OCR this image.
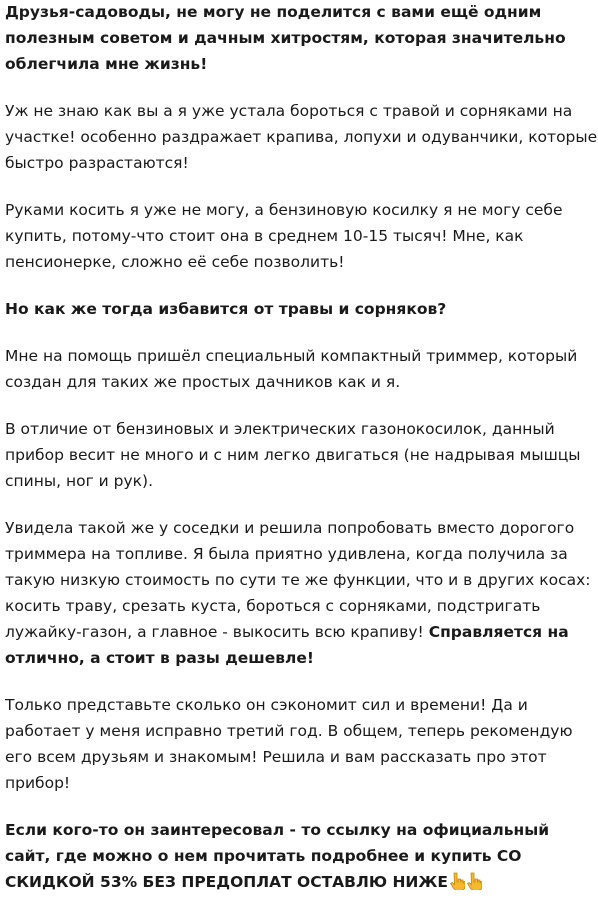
Друзья-садоводы, не могу не поделится с вами ещё одним полезным советом и дачным хитростям, которая значительно облегчила мне жизнь!

Уж не знаю как вы а я уже устала бороться с травой и сорняками на участке! особенно раздражает крапива, лопухи и одуванчики, которые быстро разрастаются!

Руками косить я уже не могу, а бензиновую косилку я не могу себе купить, потому-что стоит она в среднем 10-15 тысяч! Мне, как пенсионерке, сложно её себе позволить!

Но как же тогда избавится от травы и сорняков?

Мне на помощь пришёл специальный компактный триммер, который создан для таких же простых дачников как и я.

В отличие от бензиновых и электрических газонокосилок, данный прибор весит не много и с ним легко двигаться (не надрывая мышцы спины, ног и рук).

Увидела такой же у соседки и решила попробовать вместо дорогого триммера на топливе. Я была приятно удивлена, когда получила за такую низкую стоимость по сути те же функции, что и в других косах: косить траву, срезать куста, бороться с сорняками, подстригать лужайку-газон, а главное - выкосить всю крапиву! Справляется на отлично, а стоит в разы дешевле!

Только представьте сколько он сэкономит сил и времени! Да и работает у меня исправно третий год. В общем, теперь рекомендую его всем друзьям и знакомым! Решила и вам рассказать про этот прибор!

Если кого-то он заинтересовал - то ссылку на официальный сайт, где можно о нем прочитать подробнее и купить СО СКИДКОЙ 53% БЕЗ ПРЕДОПЛАТ ОСТАВЛЮ НИЖЕ
